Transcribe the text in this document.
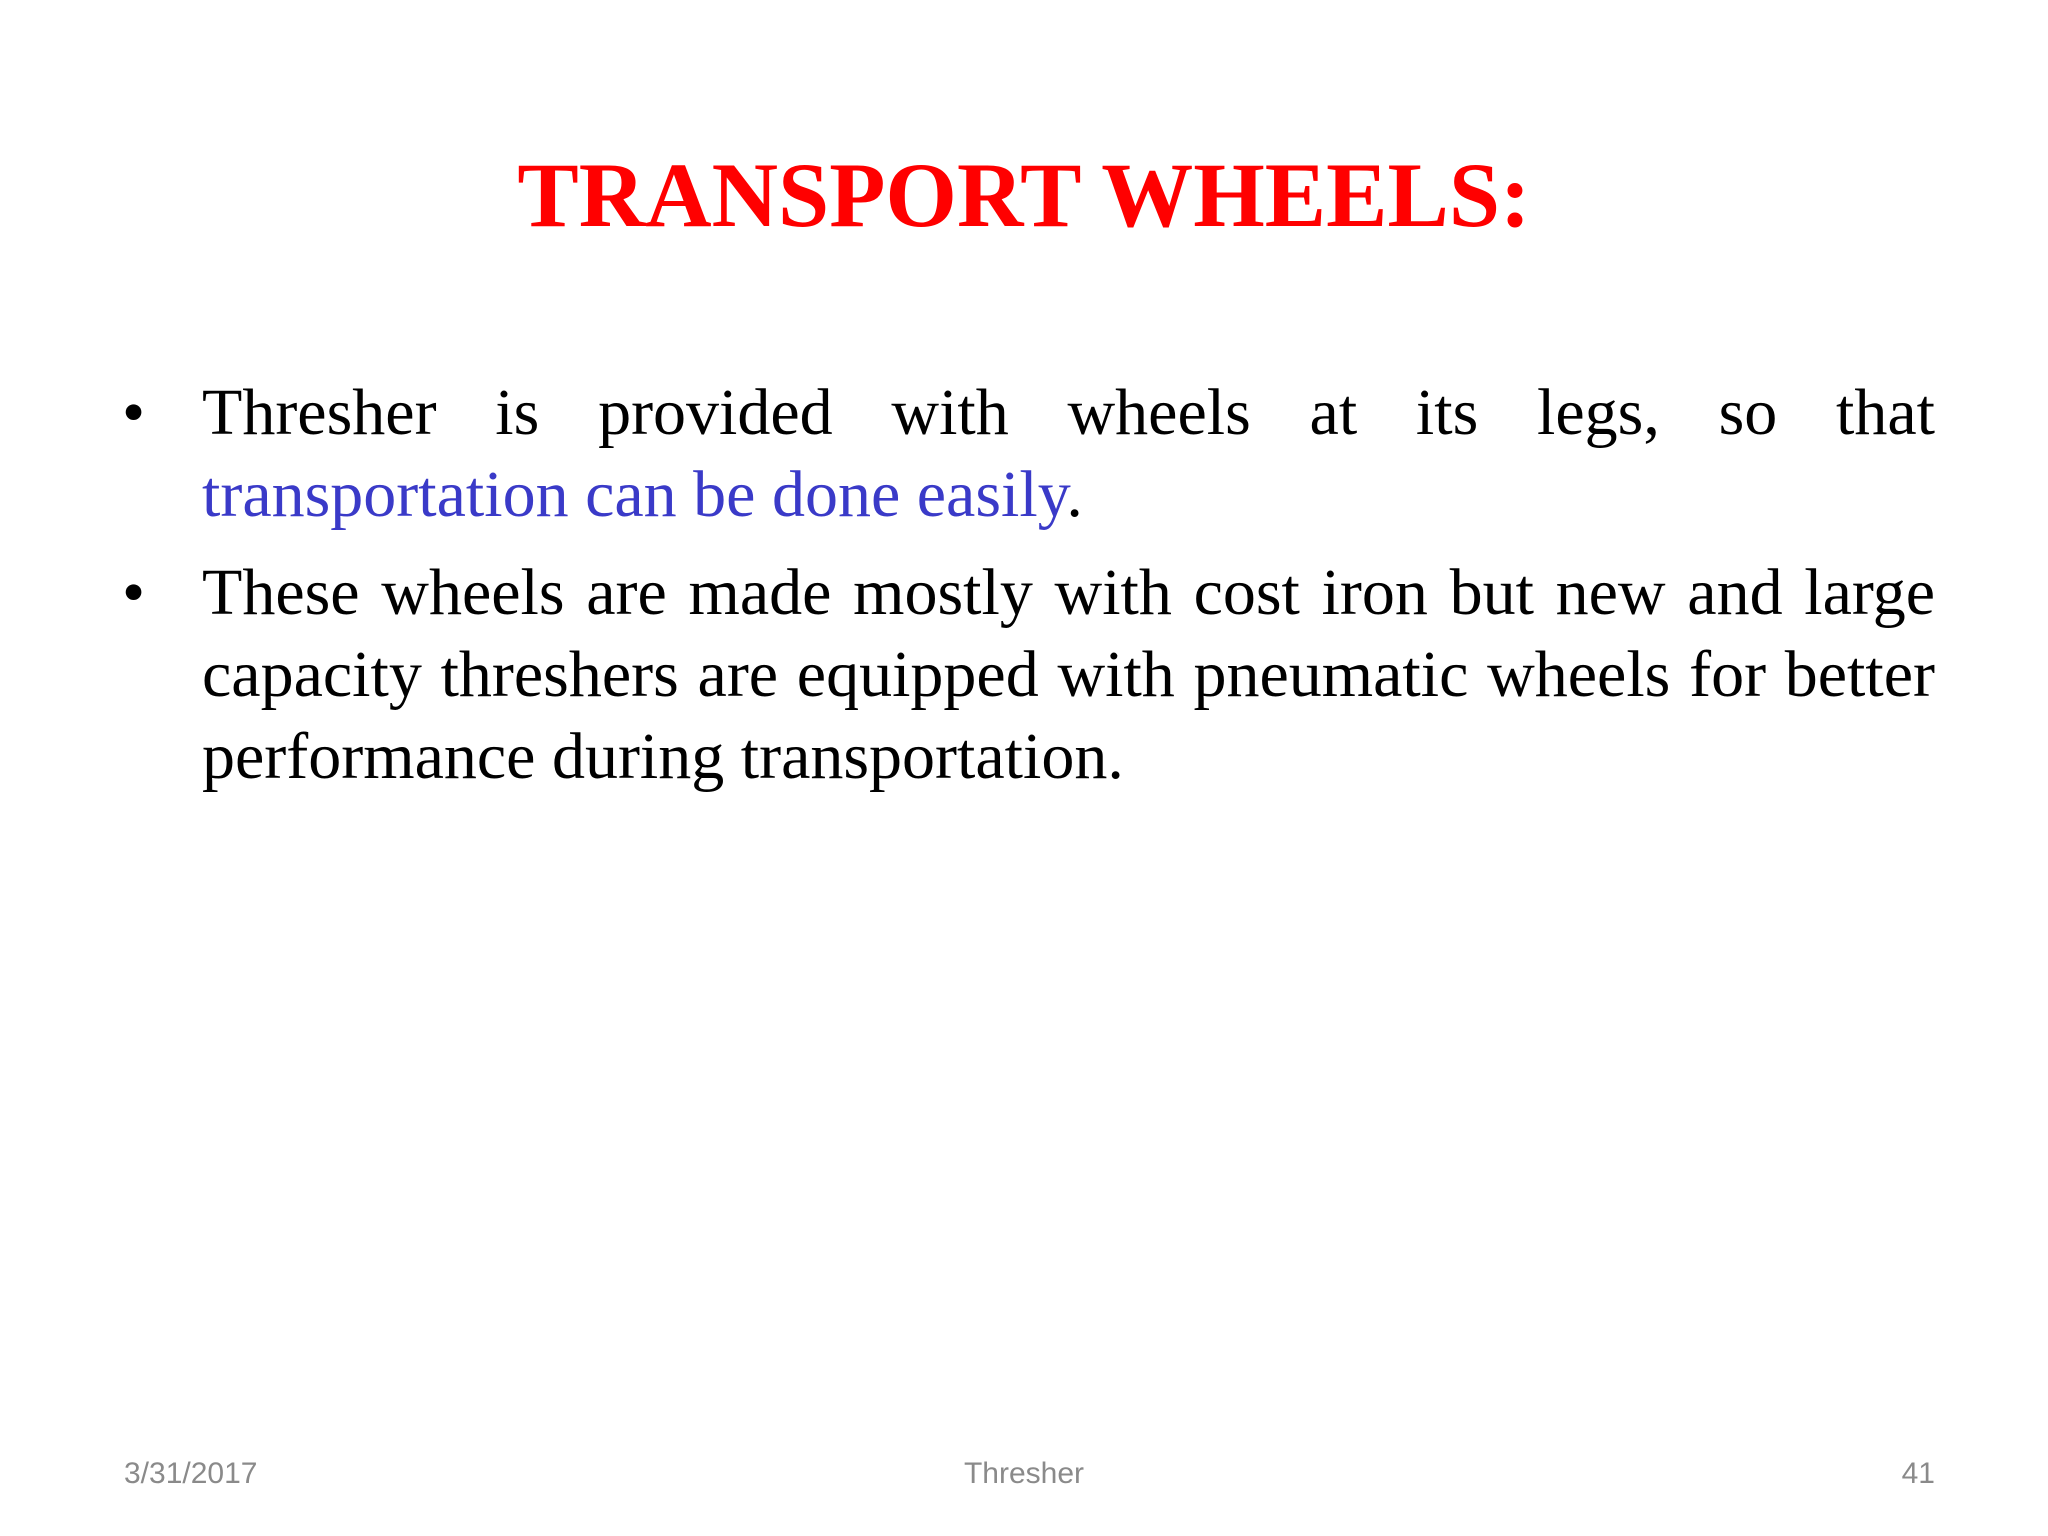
TRANSPORT WHEELS:
• Thresher is provided with wheels at its legs, so that transportation can be done easily.
• These wheels are made mostly with cost iron but new and large capacity threshers are equipped with pneumatic wheels for better performance during transportation.
3/31/2017	Thresher	41
